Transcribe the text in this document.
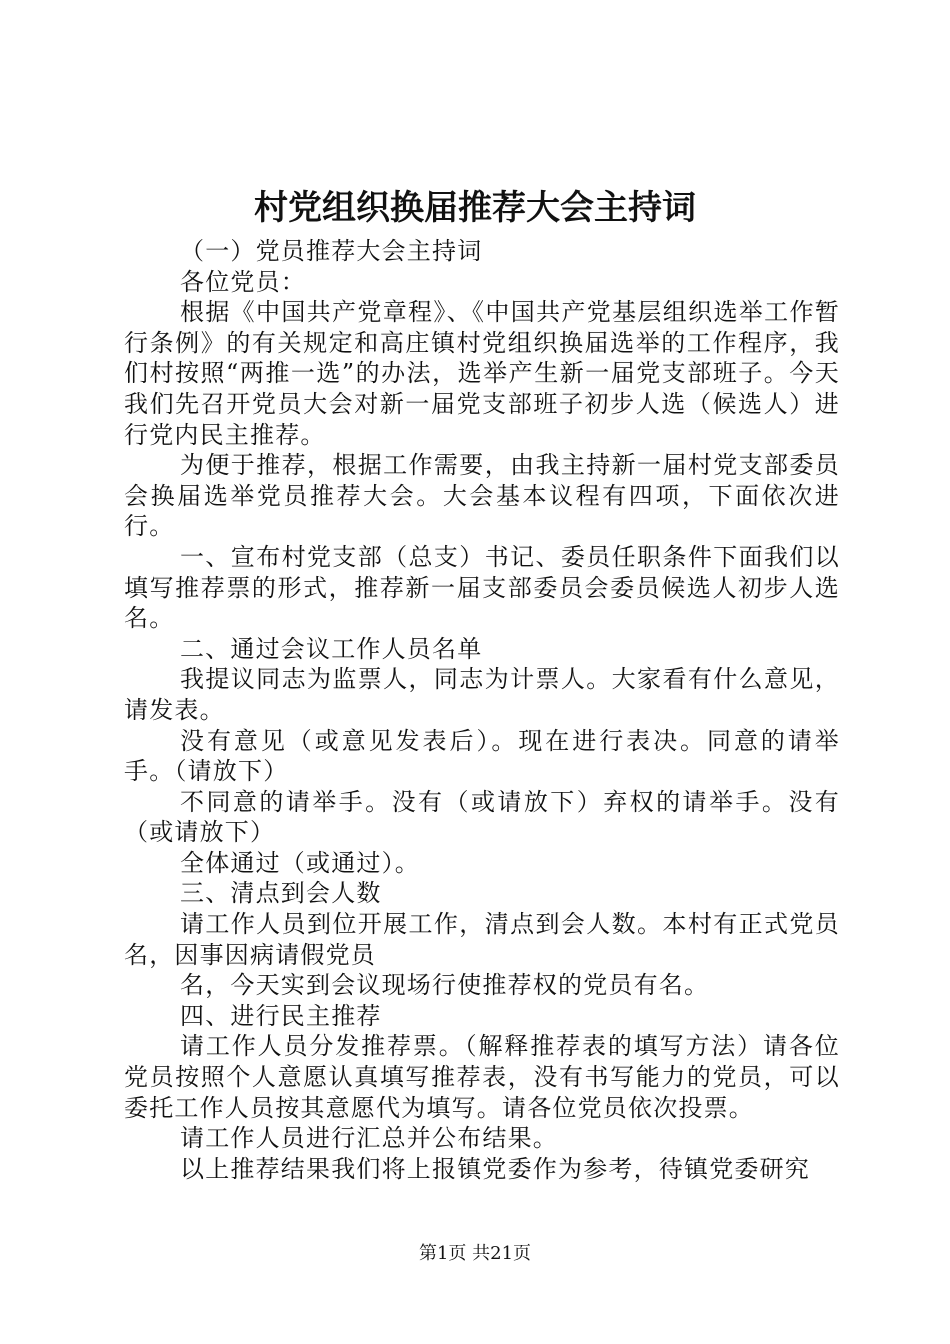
村党组织换届推荐大会主持词

（一）党员推荐大会主持词

各位党员：

根据《中国共产党章程》、《中国共产党基层组织选举工作暂行条例》的有关规定和高庄镇村党组织换届选举的工作程序，我们村按照“两推一选”的办法，选举产生新一届党支部班子。今天我们先召开党员大会对新一届党支部班子初步人选（候选人）进行党内民主推荐。

为便于推荐，根据工作需要，由我主持新一届村党支部委员会换届选举党员推荐大会。大会基本议程有四项，下面依次进行。

一、宣布村党支部（总支）书记、委员任职条件下面我们以填写推荐票的形式，推荐新一届支部委员会委员候选人初步人选名。

二、通过会议工作人员名单

我提议同志为监票人，同志为计票人。大家看有什么意见，请发表。

没有意见（或意见发表后）。现在进行表决。同意的请举手。（请放下）

不同意的请举手。没有（或请放下）弃权的请举手。没有（或请放下）

全体通过（或通过）。

三、清点到会人数

请工作人员到位开展工作，清点到会人数。本村有正式党员名，因事因病请假党员

名，今天实到会议现场行使推荐权的党员有名。

四、进行民主推荐

请工作人员分发推荐票。（解释推荐表的填写方法）请各位党员按照个人意愿认真填写推荐表，没有书写能力的党员，可以委托工作人员按其意愿代为填写。请各位党员依次投票。

请工作人员进行汇总并公布结果。

以上推荐结果我们将上报镇党委作为参考，待镇党委研究

第1页 共21页
